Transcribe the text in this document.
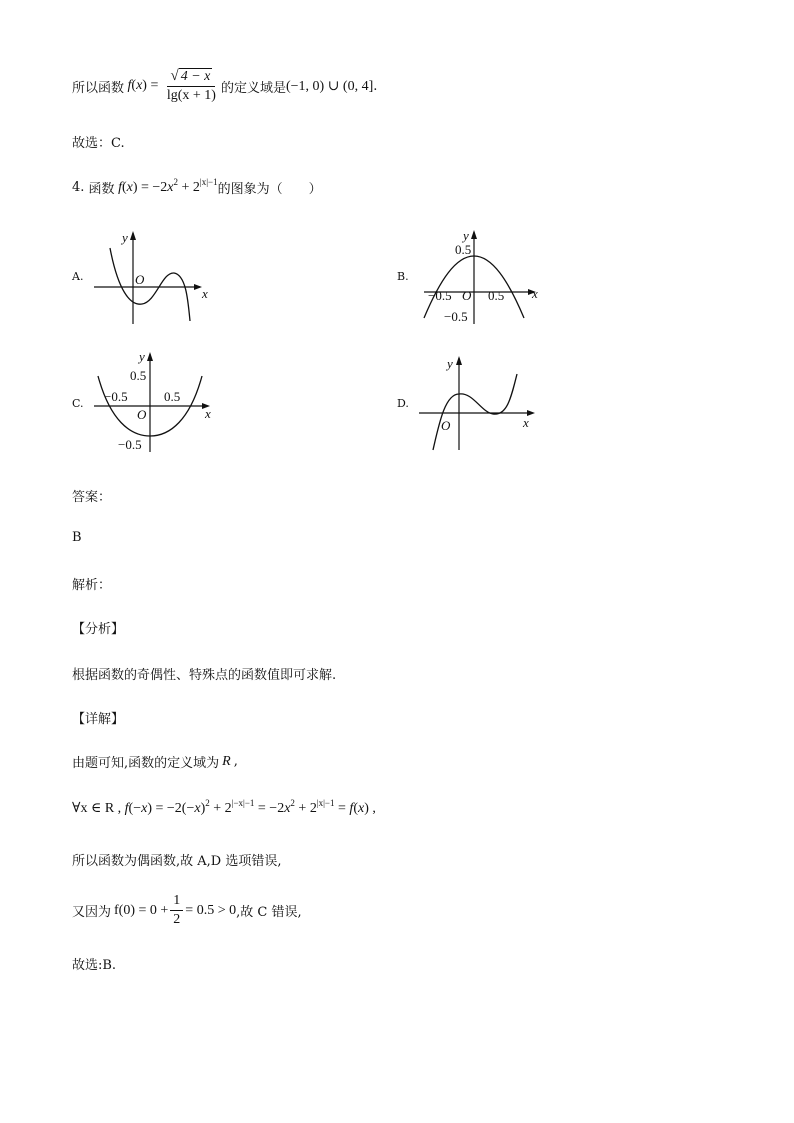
所以函数 $f(x) = \frac{√ 4 - x}{\lg(x + 1)}$ 的定义域是 (−1, 0) ∪ (0, 4] .
故选：C.
4.
函数 $f(x) = -2x^2 + 2^{|x|-1}$
的图象为（　　）
A.
y
x
O	B.
y
x
O
0.5
−0.5	0.5
−0.5
C.
y
x
O
0.5
−0.5	0.5
−0.5
D.
y
x
O
答案：
B
解析：
【分析】
根据函数的奇偶性、特殊点的函数值即可求解.
【详解】
由题可知,函数的定义域为 R ,
∀x ∈ R ,
$f(-x) = -2(-x)^2 + 2^{|-x|-1} = -2x^2 + 2^{|x|-1} = f(x)$ ,
所以函数为偶函数,故 A,D 选项错误,
又因为 $f(0) = 0 + \frac{1}{2} = 0.5 > 0$ ,故 C 错误,
故选:B.
